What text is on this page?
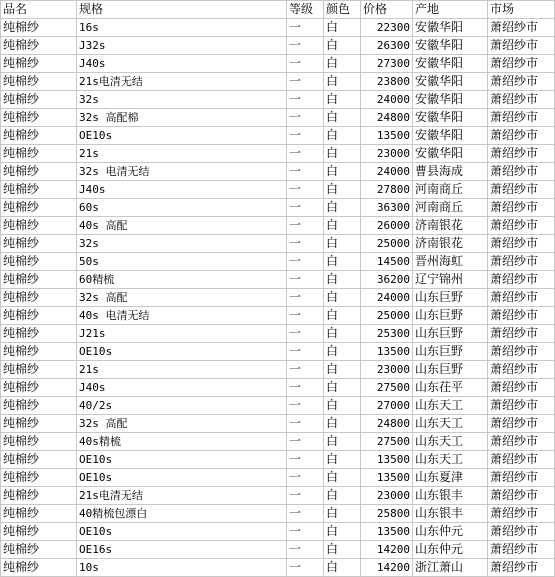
品名	规格	等级	颜色	价格	产地	市场
纯棉纱	16s	一	白	22300	安徽华阳	萧绍纱市
纯棉纱	J32s	一	白	26300	安徽华阳	萧绍纱市
纯棉纱	J40s	一	白	27300	安徽华阳	萧绍纱市
纯棉纱	21s电清无结	一	白	23800	安徽华阳	萧绍纱市
纯棉纱	32s	一	白	24000	安徽华阳	萧绍纱市
纯棉纱	32s 高配棉	一	白	24800	安徽华阳	萧绍纱市
纯棉纱	OE10s	一	白	13500	安徽华阳	萧绍纱市
纯棉纱	21s	一	白	23000	安徽华阳	萧绍纱市
纯棉纱	32s 电清无结	一	白	24000	曹县海成	萧绍纱市
纯棉纱	J40s	一	白	27800	河南商丘	萧绍纱市
纯棉纱	60s	一	白	36300	河南商丘	萧绍纱市
纯棉纱	40s 高配	一	白	26000	济南银花	萧绍纱市
纯棉纱	32s	一	白	25000	济南银花	萧绍纱市
纯棉纱	50s	一	白	14500	晋州海虹	萧绍纱市
纯棉纱	60精梳	一	白	36200	辽宁锦州	萧绍纱市
纯棉纱	32s 高配	一	白	24000	山东巨野	萧绍纱市
纯棉纱	40s 电清无结	一	白	25000	山东巨野	萧绍纱市
纯棉纱	J21s	一	白	25300	山东巨野	萧绍纱市
纯棉纱	OE10s	一	白	13500	山东巨野	萧绍纱市
纯棉纱	21s	一	白	23000	山东巨野	萧绍纱市
纯棉纱	J40s	一	白	27500	山东茌平	萧绍纱市
纯棉纱	40/2s	一	白	27000	山东天工	萧绍纱市
纯棉纱	32s 高配	一	白	24800	山东天工	萧绍纱市
纯棉纱	40s精梳	一	白	27500	山东天工	萧绍纱市
纯棉纱	OE10s	一	白	13500	山东天工	萧绍纱市
纯棉纱	OE10s	一	白	13500	山东夏津	萧绍纱市
纯棉纱	21s电清无结	一	白	23000	山东银丰	萧绍纱市
纯棉纱	40精梳包漂白	一	白	25800	山东银丰	萧绍纱市
纯棉纱	OE10s	一	白	13500	山东仲元	萧绍纱市
纯棉纱	OE16s	一	白	14200	山东仲元	萧绍纱市
纯棉纱	10s	一	白	14200	浙江萧山	萧绍纱市
